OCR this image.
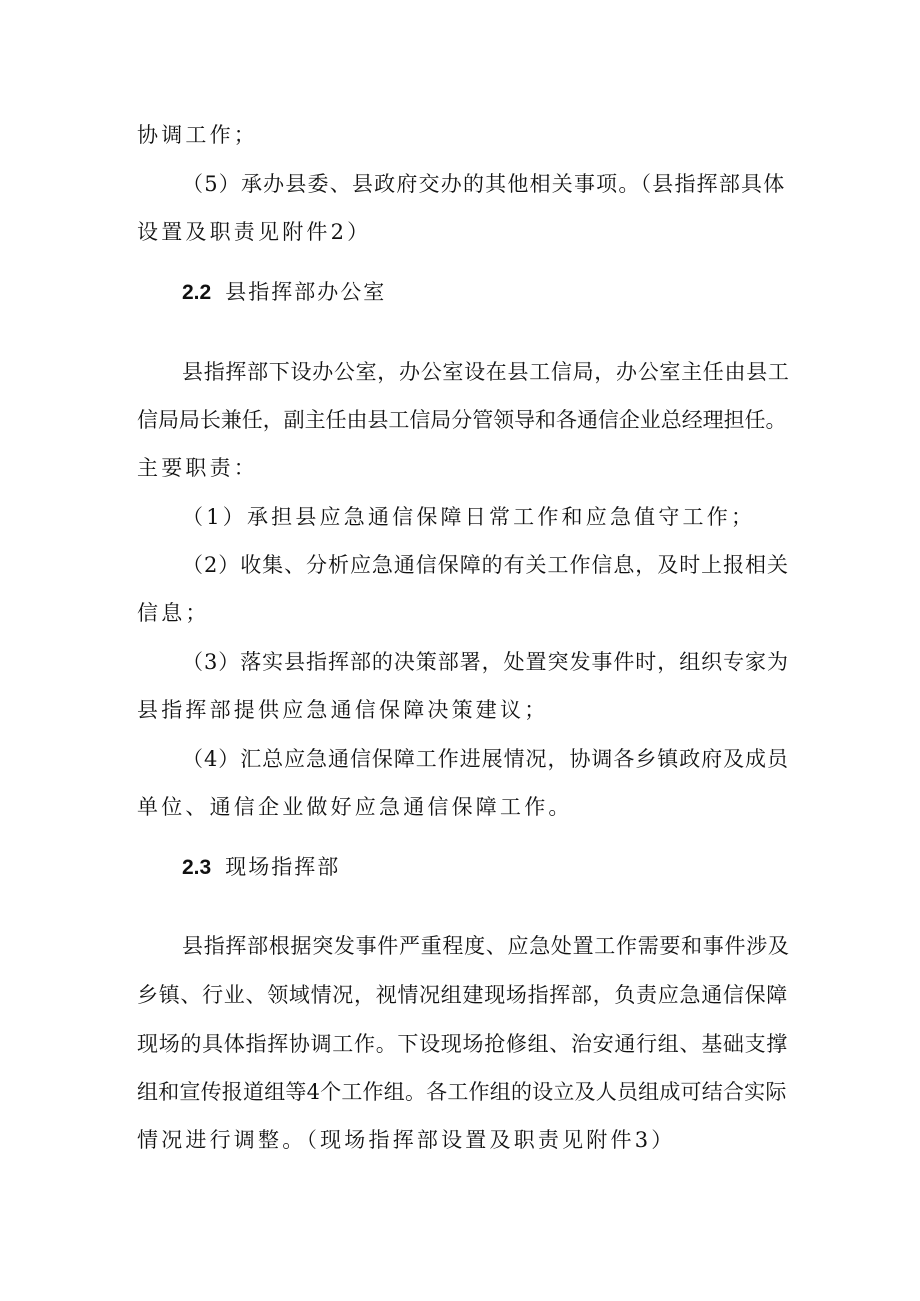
协调工作；
（5）承办县委、县政府交办的其他相关事项。（县指挥部具体
设置及职责见附件2）
2.2 县指挥部办公室
县指挥部下设办公室，办公室设在县工信局，办公室主任由县工
信局局长兼任，副主任由县工信局分管领导和各通信企业总经理担任。
主要职责：
（1）承担县应急通信保障日常工作和应急值守工作；
（2）收集、分析应急通信保障的有关工作信息，及时上报相关
信息；
（3）落实县指挥部的决策部署，处置突发事件时，组织专家为
县指挥部提供应急通信保障决策建议；
（4）汇总应急通信保障工作进展情况，协调各乡镇政府及成员
单位、通信企业做好应急通信保障工作。
2.3 现场指挥部
县指挥部根据突发事件严重程度、应急处置工作需要和事件涉及
乡镇、行业、领域情况，视情况组建现场指挥部，负责应急通信保障
现场的具体指挥协调工作。下设现场抢修组、治安通行组、基础支撑
组和宣传报道组等4个工作组。各工作组的设立及人员组成可结合实际
情况进行调整。（现场指挥部设置及职责见附件3）
